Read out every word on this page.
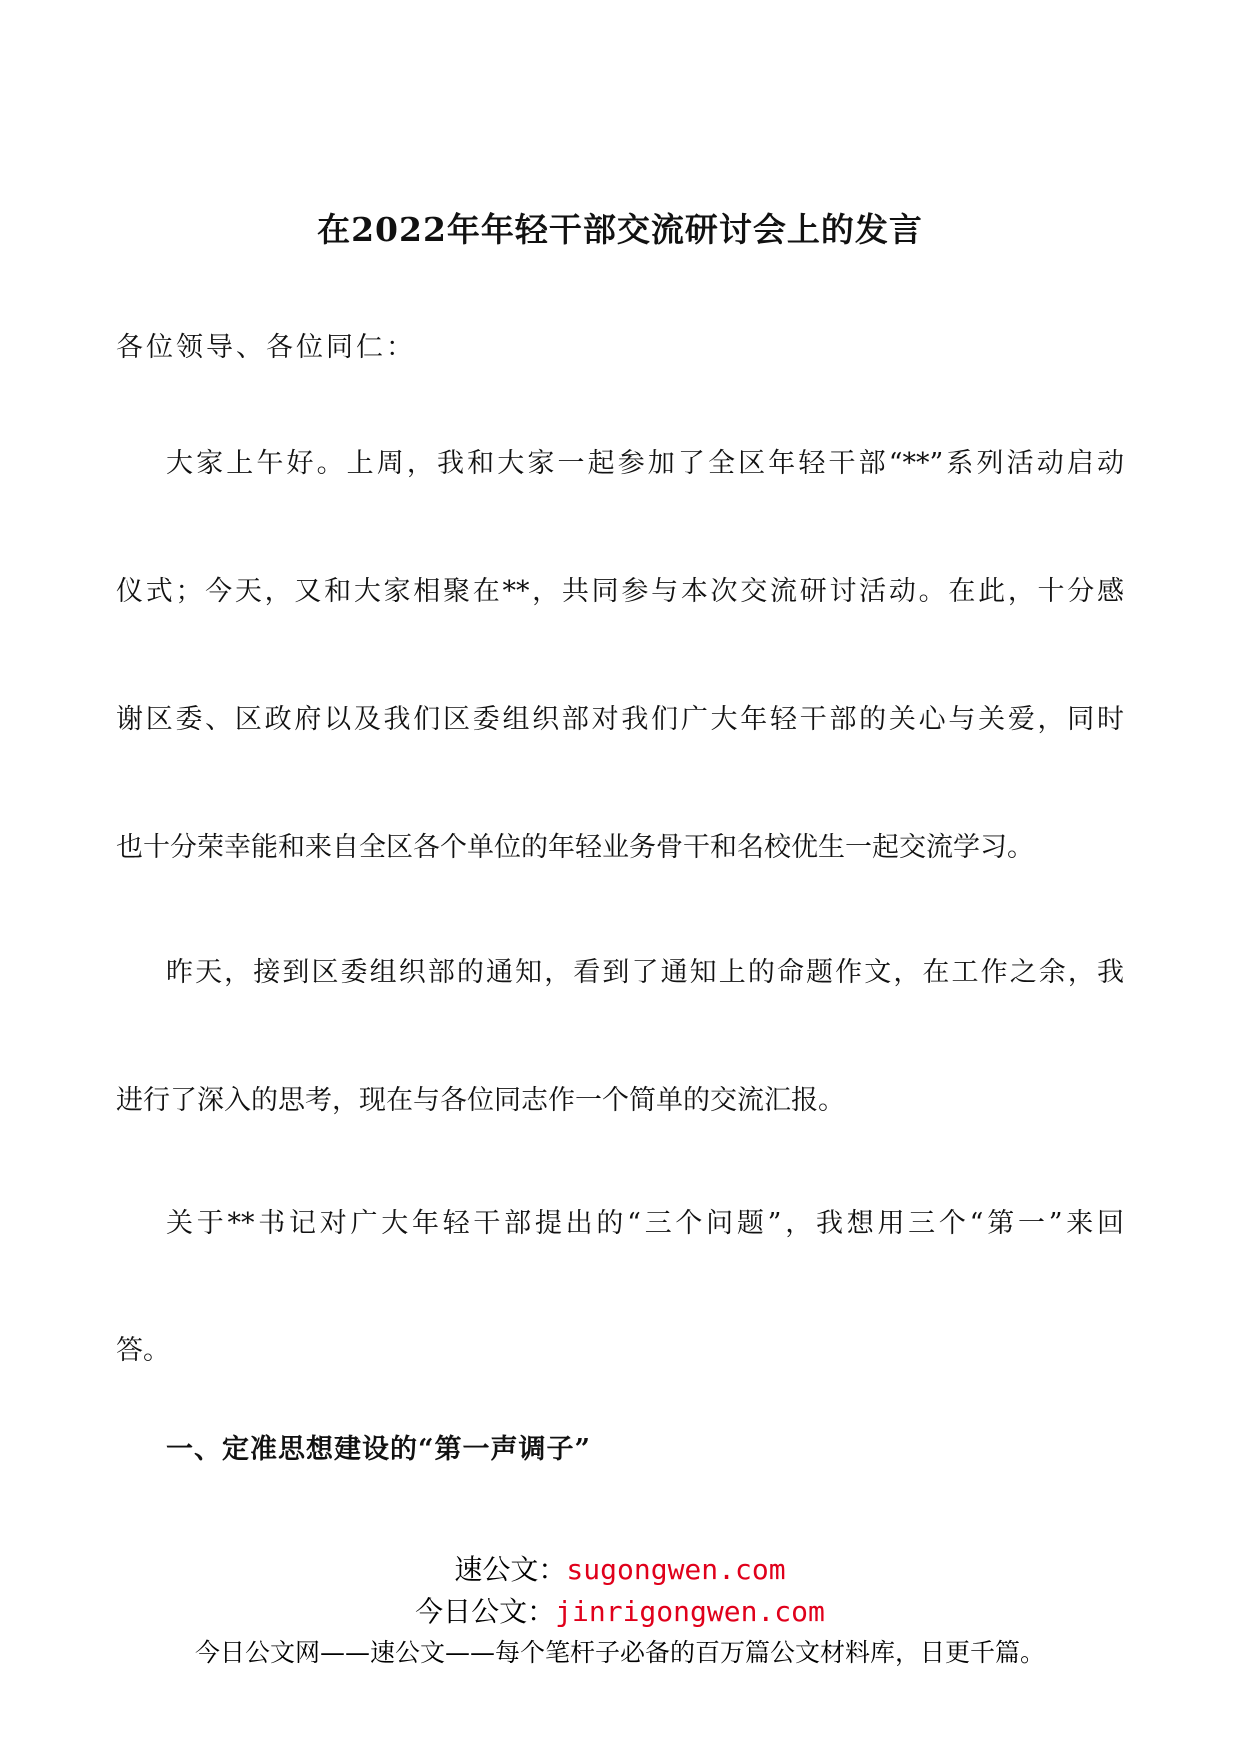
在2022年年轻干部交流研讨会上的发言
各位领导、各位同仁：
大家上午好。上周，我和大家一起参加了全区年轻干部“**”系列活动启动
仪式；今天，又和大家相聚在**，共同参与本次交流研讨活动。在此，十分感
谢区委、区政府以及我们区委组织部对我们广大年轻干部的关心与关爱，同时
也十分荣幸能和来自全区各个单位的年轻业务骨干和名校优生一起交流学习。
昨天，接到区委组织部的通知，看到了通知上的命题作文，在工作之余，我
进行了深入的思考，现在与各位同志作一个简单的交流汇报。
关于**书记对广大年轻干部提出的“三个问题”，我想用三个“第一”来回
答。
一、定准思想建设的“第一声调子”
速公文：sugongwen.com
今日公文：jinrigongwen.com
今日公文网——速公文——每个笔杆子必备的百万篇公文材料库，日更千篇。
